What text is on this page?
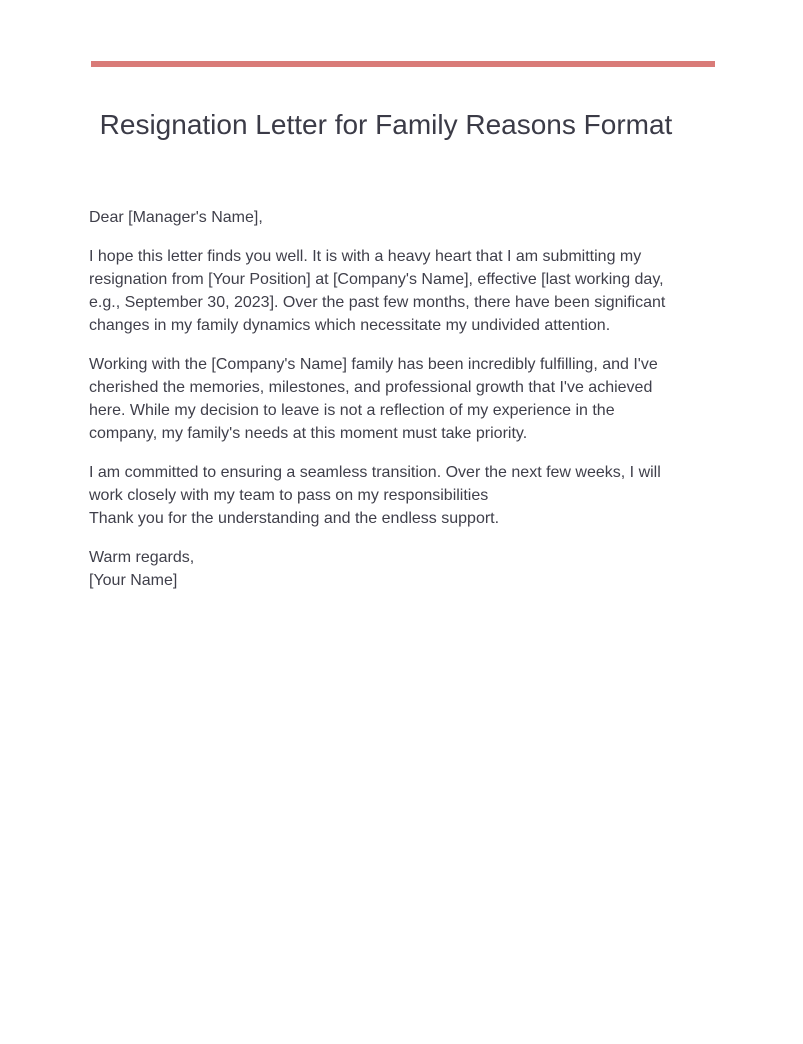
Resignation Letter for Family Reasons Format

Dear [Manager's Name],

I hope this letter finds you well. It is with a heavy heart that I am submitting my resignation from [Your Position] at [Company's Name], effective [last working day, e.g., September 30, 2023]. Over the past few months, there have been significant changes in my family dynamics which necessitate my undivided attention.

Working with the [Company's Name] family has been incredibly fulfilling, and I've cherished the memories, milestones, and professional growth that I've achieved here. While my decision to leave is not a reflection of my experience in the company, my family's needs at this moment must take priority.

I am committed to ensuring a seamless transition. Over the next few weeks, I will work closely with my team to pass on my responsibilities

Thank you for the understanding and the endless support.

Warm regards,
[Your Name]
